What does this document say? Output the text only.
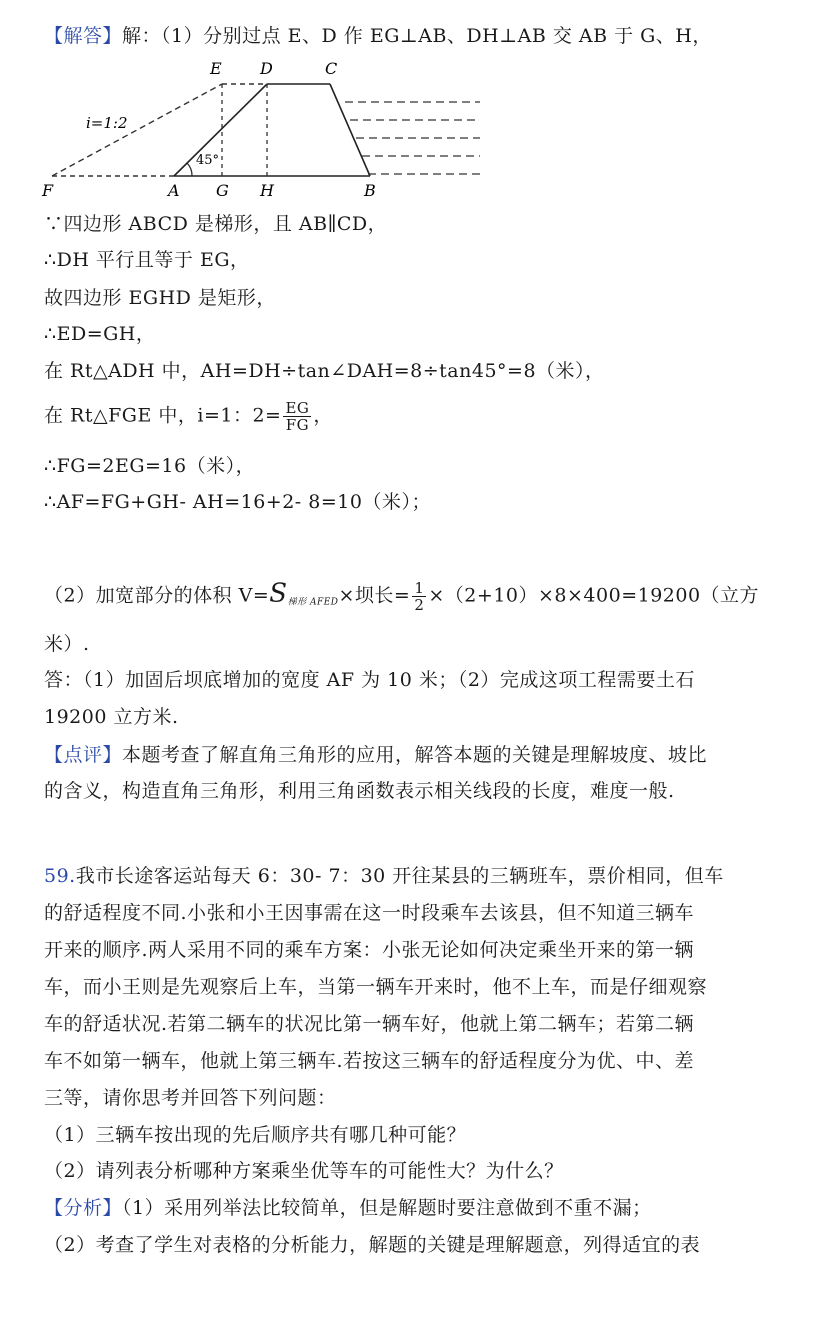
【解答】解：（1）分别过点 E、D 作 EG⊥AB、DH⊥AB 交 AB 于 G、H，
45°
i=1:2
E D	C
F	A G H	B
∵四边形 ABCD 是梯形，且 AB∥CD，
∴DH 平行且等于 EG，
故四边形 EGHD 是矩形，
∴ED=GH，
在 Rt△ADH 中，AH=DH÷tan∠DAH=8÷tan45°=8（米），
在 Rt△FGE 中，i=1：$2= \frac{EG}{FG}$ ，
∴FG=2EG=16（米），
∴AF=FG+GH- AH=16+2- 8=10（米）；
（2）加宽部分的体积 $V=S_{梯形 AFED}\times$坝长= $\frac{1}{2} \times(2+10)\times 8\times 400=19200$（立方
米）.
答：（1）加固后坝底增加的宽度 AF 为 10 米；（2）完成这项工程需要土石
19200 立方米.
【点评】本题考查了解直角三角形的应用，解答本题的关键是理解坡度、坡比
的含义，构造直角三角形，利用三角函数表示相关线段的长度，难度一般.
59.我市长途客运站每天 6：30- 7：30 开往某县的三辆班车，票价相同，但车
的舒适程度不同.小张和小王因事需在这一时段乘车去该县，但不知道三辆车
开来的顺序.两人采用不同的乘车方案：小张无论如何决定乘坐开来的第一辆
车，而小王则是先观察后上车，当第一辆车开来时，他不上车，而是仔细观察
车的舒适状况.若第二辆车的状况比第一辆车好，他就上第二辆车；若第二辆
车不如第一辆车，他就上第三辆车.若按这三辆车的舒适程度分为优、中、差
三等，请你思考并回答下列问题：
（1）三辆车按出现的先后顺序共有哪几种可能？
（2）请列表分析哪种方案乘坐优等车的可能性大？为什么？
【分析】（1）采用列举法比较简单，但是解题时要注意做到不重不漏；
（2）考查了学生对表格的分析能力，解题的关键是理解题意，列得适宜的表
